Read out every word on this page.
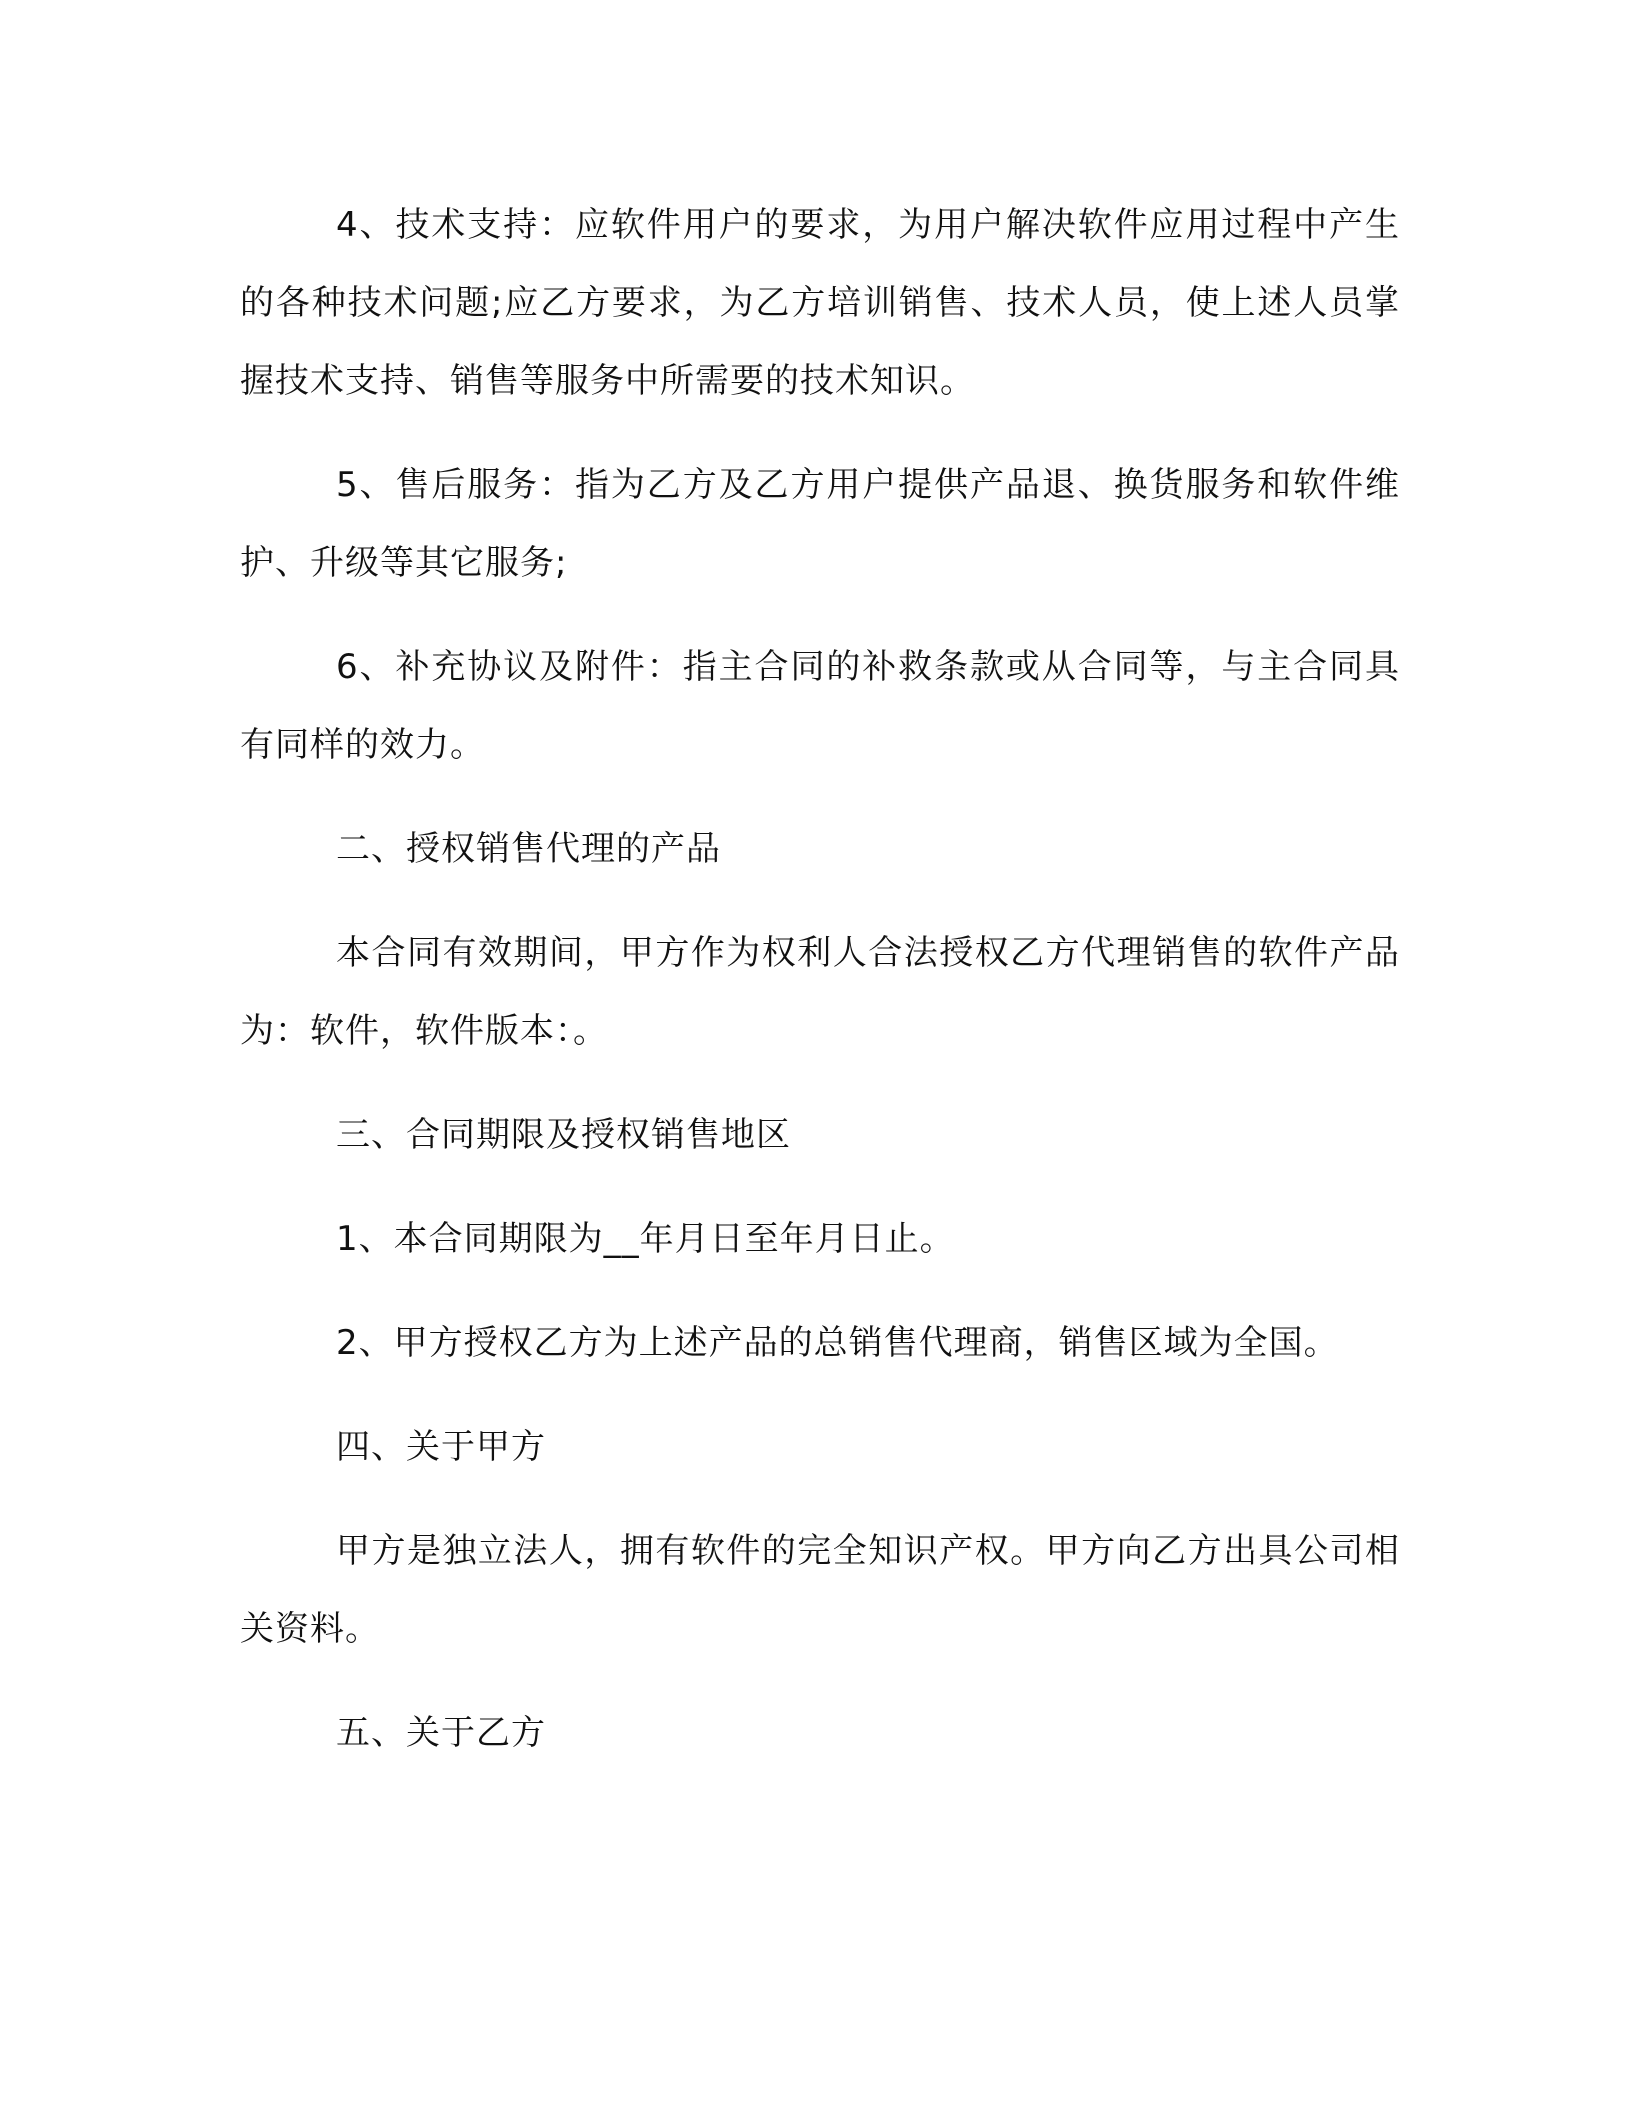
4、技术支持：应软件用户的要求，为用户解决软件应用过程中产生的各种技术问题;应乙方要求，为乙方培训销售、技术人员，使上述人员掌握技术支持、销售等服务中所需要的技术知识。

5、售后服务：指为乙方及乙方用户提供产品退、换货服务和软件维护、升级等其它服务;

6、补充协议及附件：指主合同的补救条款或从合同等，与主合同具有同样的效力。

二、授权销售代理的产品

本合同有效期间，甲方作为权利人合法授权乙方代理销售的软件产品为：软件，软件版本：。

三、合同期限及授权销售地区

1、本合同期限为__年月日至年月日止。

2、甲方授权乙方为上述产品的总销售代理商，销售区域为全国。

四、关于甲方

甲方是独立法人，拥有软件的完全知识产权。甲方向乙方出具公司相关资料。

五、关于乙方
